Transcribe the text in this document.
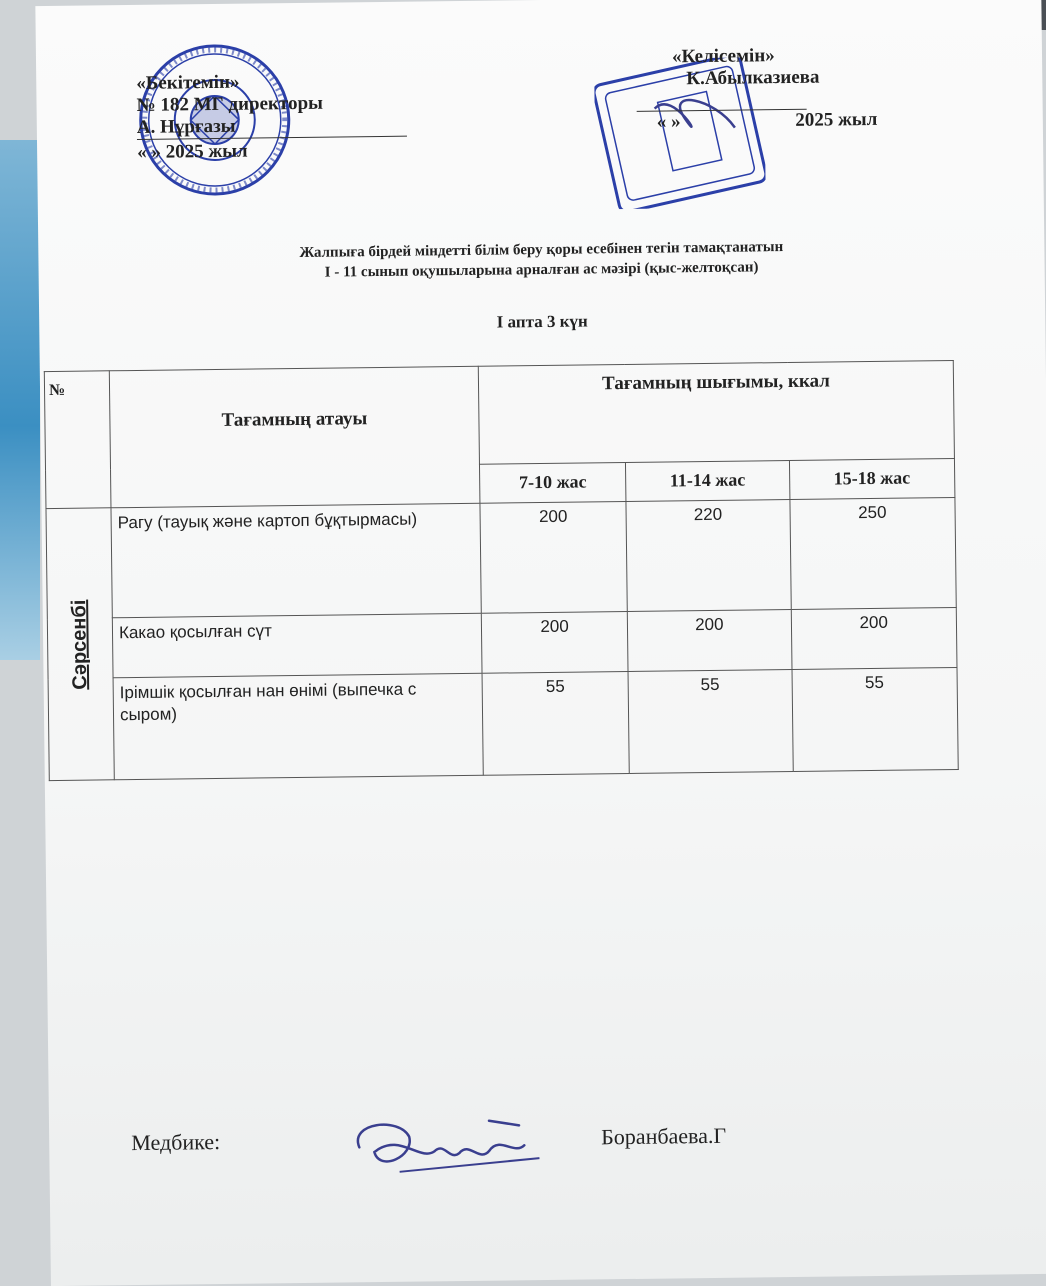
«Бекітемін»
№ 182 МГ директоры
А. Нұрғазы
« » 2025 жыл
«Келісемін»
К.Абылказиева
« »	2025 жыл
Жалпыға бірдей міндетті білім беру қоры есебінен тегін тамақтанатын
I - 11 сынып оқушыларына арналған ас мәзірі (қыс-желтоқсан)
I апта 3 күн
№	Тағамның атауы	Тағамның шығымы, ккал		
		7-10 жас	11-14 жас	15-18 жас

Сәрсенбі	Рагу (тауық және картоп бұқтырмасы)	200	220	250
	Какао қосылған сүт	200	200	200
	Ірімшік қосылған нан өнімі (выпечка с сыром)	55	55	55
Медбике:	Боранбаева.Г
